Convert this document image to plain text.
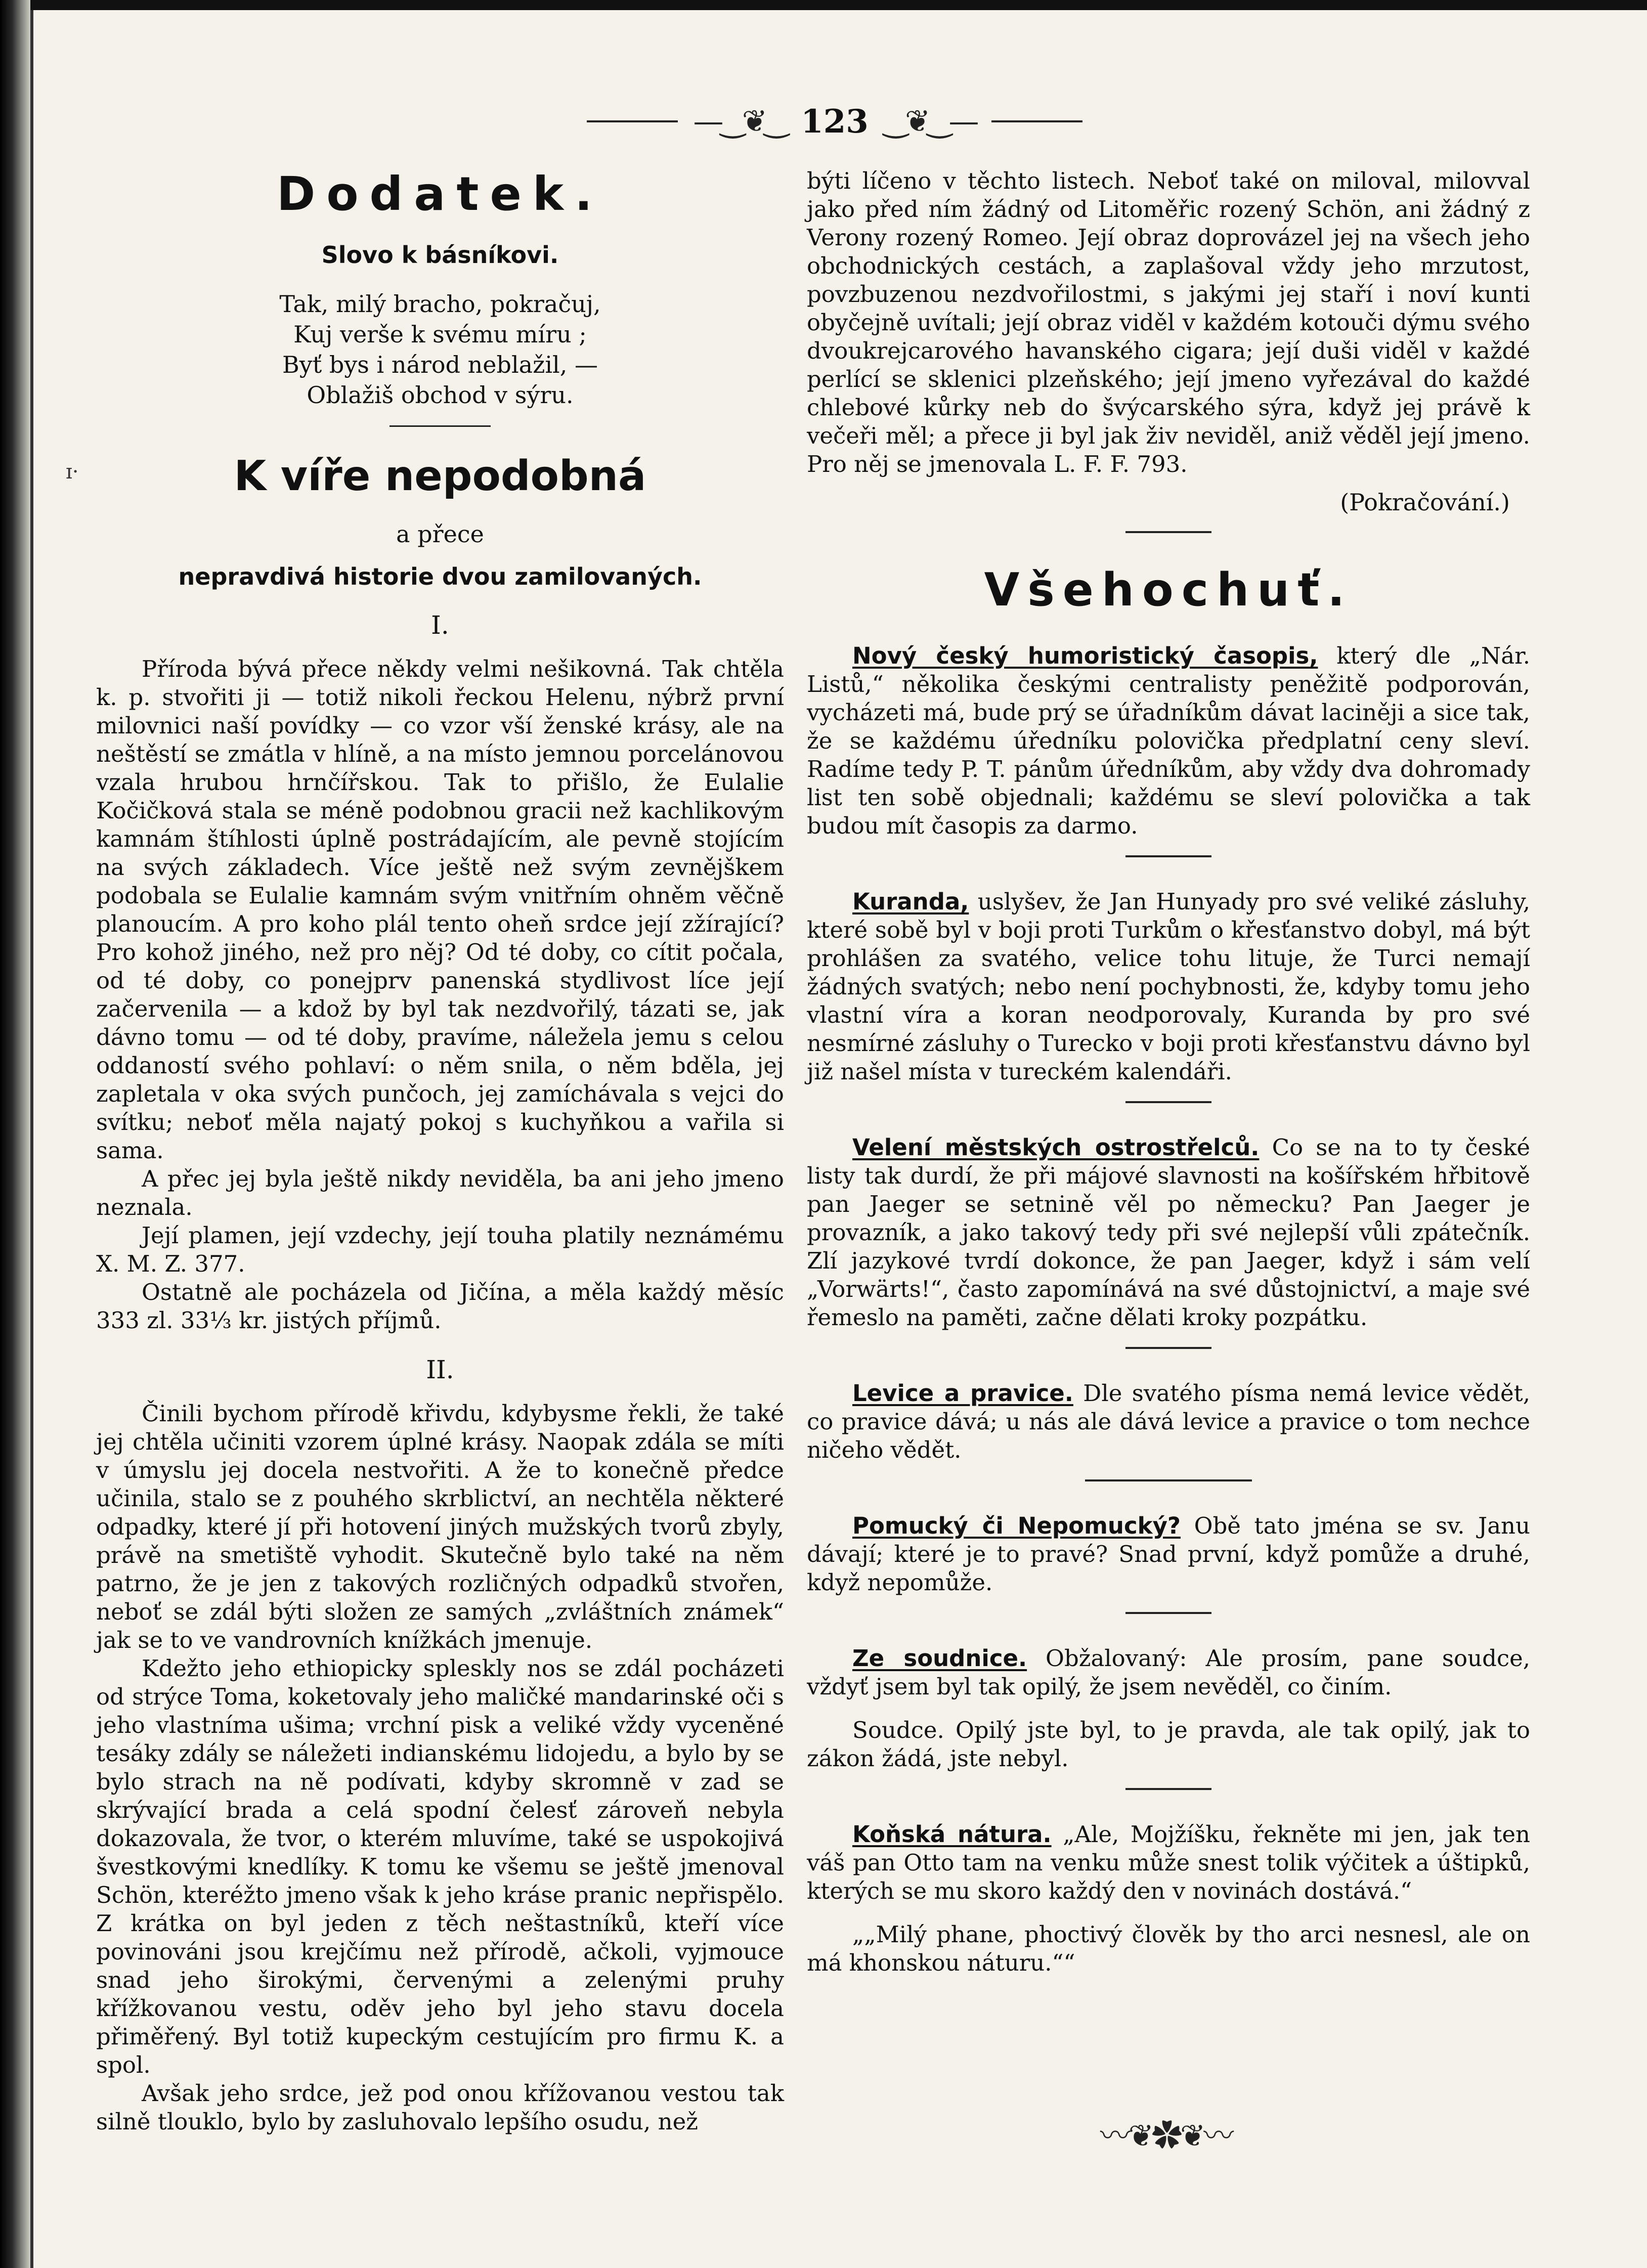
ɪ·
—‿❦‿ 123 ‿❦‿—
Dodatek.
Slovo k básníkovi.
Tak, milý bracho, pokračuj,
Kuj verše k svému míru ;
Byť bys i národ neblažil, —
Oblažiš obchod v sýru.
K víře nepodobná
a přece
nepravdivá historie dvou zamilovaných.
I.

Příroda bývá přece někdy velmi nešikovná. Tak chtěla k. p. stvořiti ji — totiž nikoli řeckou Helenu, nýbrž první milovnici naší povídky — co vzor vší ženské krásy, ale na neštěstí se zmátla v hlíně, a na místo jemnou porcelánovou vzala hrubou hrnčířskou. Tak to přišlo, že Eulalie Kočičková stala se méně podobnou gracii než kachlikovým kamnám štíhlosti úplně postrádajícím, ale pevně stojícím na svých základech. Více ještě než svým zevnějškem podobala se Eulalie kamnám svým vnitřním ohněm věčně planoucím. A pro koho plál tento oheň srdce její zžírající? Pro kohož jiného, než pro něj? Od té doby, co cítit počala, od té doby, co ponejprv panenská stydlivost líce její začervenila — a kdož by byl tak nezdvořilý, tázati se, jak dávno tomu — od té doby, pravíme, náležela jemu s celou oddaností svého pohlaví: o něm snila, o něm bděla, jej zapletala v oka svých punčoch, jej zamíchávala s vejci do svítku; neboť měla najatý pokoj s kuchyňkou a vařila si sama.

A přec jej byla ještě nikdy neviděla, ba ani jeho jmeno neznala.

Její plamen, její vzdechy, její touha platily neznámému X. M. Z. 377.

Ostatně ale pocházela od Jičína, a měla každý měsíc 333 zl. 33⅓ kr. jistých příjmů.

II.

Činili bychom přírodě křivdu, kdybysme řekli, že také jej chtěla učiniti vzorem úplné krásy. Naopak zdála se míti v úmyslu jej docela nestvořiti. A že to konečně předce učinila, stalo se z pouhého skrblictví, an nechtěla některé odpadky, které jí při hotovení jiných mužských tvorů zbyly, právě na smetiště vyhodit. Skutečně bylo také na něm patrno, že je jen z takových rozličných odpadků stvořen, neboť se zdál býti složen ze samých „zvláštních známek“ jak se to ve vandrovních knížkách jmenuje.

Kdežto jeho ethiopicky spleskly nos se zdál pocházeti od strýce Toma, koketovaly jeho maličké mandarinské oči s jeho vlastníma ušima; vrchní pisk a veliké vždy vyceněné tesáky zdály se náležeti indianskému lidojedu, a bylo by se bylo strach na ně podívati, kdyby skromně v zad se skrývající brada a celá spodní čelesť zároveň nebyla dokazovala, že tvor, o kterém mluvíme, také se uspokojivá švestkovými knedlíky. K tomu ke všemu se ještě jmenoval Schön, kteréžto jmeno však k jeho kráse pranic nepřispělo. Z krátka on byl jeden z těch neštastníků, kteří více povinováni jsou krejčímu než přírodě, ačkoli, vyjmouce snad jeho širokými, červenými a zelenými pruhy křížkovanou vestu, oděv jeho byl jeho stavu docela přiměřený. Byl totiž kupeckým cestujícím pro firmu K. a spol.

Avšak jeho srdce, jež pod onou křížovanou vestou tak silně tlouklo, bylo by zasluhovalo lepšího osudu, než

býti líčeno v těchto listech. Neboť také on miloval, milovval jako před ním žádný od Litoměřic rozený Schön, ani žádný z Verony rozený Romeo. Její obraz doprovázel jej na všech jeho obchodnických cestách, a zaplašoval vždy jeho mrzutost, povzbuzenou nezdvořilostmi, s jakými jej staří i noví kunti obyčejně uvítali; její obraz viděl v každém kotouči dýmu svého dvoukrejcarového havanského cigara; její duši viděl v každé perlící se sklenici plzeňského; její jmeno vyřezával do každé chlebové kůrky neb do švýcarského sýra, když jej právě k večeři měl; a přece ji byl jak živ neviděl, aniž věděl její jmeno. Pro něj se jmenovala L. F. F. 793.

(Pokračování.)
Všehochuť.

Nový český humoristický časopis, který dle „Nár. Listů,“ několika českými centralisty peněžitě podporován, vycházeti má, bude prý se úřadníkům dávat laciněji a sice tak, že se každému úředníku polovička předplatní ceny sleví. Radíme tedy P. T. pánům úředníkům, aby vždy dva dohromady list ten sobě objednali; každému se sleví polovička a tak budou mít časopis za darmo.

Kuranda, uslyšev, že Jan Hunyady pro své veliké zásluhy, které sobě byl v boji proti Turkům o křesťanstvo dobyl, má být prohlášen za svatého, velice tohu lituje, že Turci nemají žádných svatých; nebo není pochybnosti, že, kdyby tomu jeho vlastní víra a koran neodporovaly, Kuranda by pro své nesmírné zásluhy o Turecko v boji proti křesťanstvu dávno byl již našel místa v tureckém kalendáři.

Velení městských ostrostřelců. Co se na to ty české listy tak durdí, že při májové slavnosti na košířském hřbitově pan Jaeger se setnině věl po německu? Pan Jaeger je provazník, a jako takový tedy při své nejlepší vůli zpátečník. Zlí jazykové tvrdí dokonce, že pan Jaeger, když i sám velí „Vorwärts!“, často zapomínává na své důstojnictví, a maje své řemeslo na paměti, začne dělati kroky pozpátku.

Levice a pravice. Dle svatého písma nemá levice vědět, co pravice dává; u nás ale dává levice a pravice o tom nechce ničeho vědět.

Pomucký či Nepomucký? Obě tato jména se sv. Janu dávají; které je to pravé? Snad první, když pomůže a druhé, když nepomůže.

Ze soudnice. Obžalovaný: Ale prosím, pane soudce, vždyť jsem byl tak opilý, že jsem nevěděl, co činím.

Soudce. Opilý jste byl, to je pravda, ale tak opilý, jak to zákon žádá, jste nebyl.

Koňská nátura. „Ale, Mojžíšku, řekněte mi jen, jak ten váš pan Otto tam na venku může snest tolik výčitek a úštipků, kterých se mu skoro každý den v novinách dostává.“

„„Milý phane, phoctivý člověk by tho arci nesnesl, ale on má khonskou náturu.““

〰❦✿❦〰
